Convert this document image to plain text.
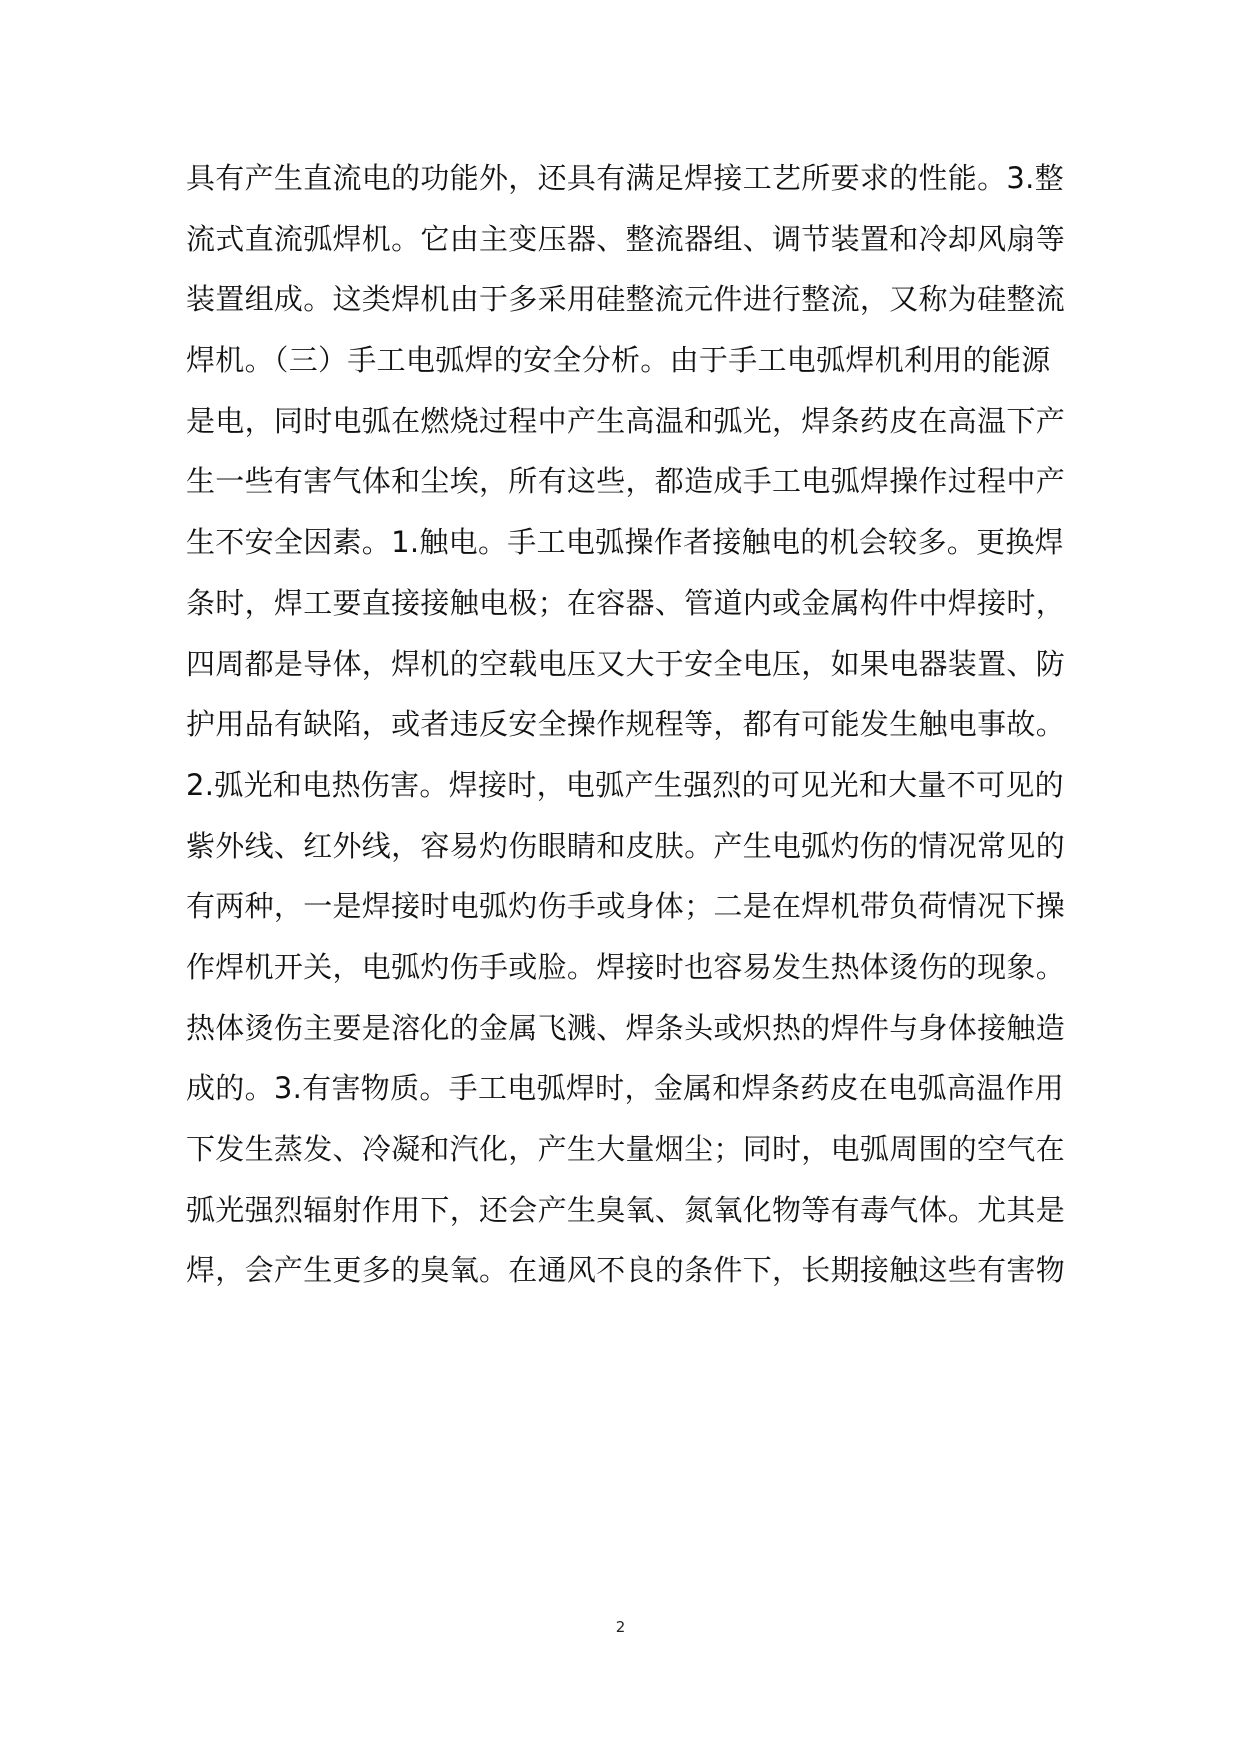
具有产生直流电的功能外，还具有满足焊接工艺所要求的性能。3.整
流式直流弧焊机。它由主变压器、整流器组、调节装置和冷却风扇等
装置组成。这类焊机由于多采用硅整流元件进行整流，又称为硅整流
焊机。（三）手工电弧焊的安全分析。由于手工电弧焊机利用的能源
是电，同时电弧在燃烧过程中产生高温和弧光，焊条药皮在高温下产
生一些有害气体和尘埃，所有这些，都造成手工电弧焊操作过程中产
生不安全因素。1.触电。手工电弧操作者接触电的机会较多。更换焊
条时，焊工要直接接触电极；在容器、管道内或金属构件中焊接时，
四周都是导体，焊机的空载电压又大于安全电压，如果电器装置、防
护用品有缺陷，或者违反安全操作规程等，都有可能发生触电事故。
2.弧光和电热伤害。焊接时，电弧产生强烈的可见光和大量不可见的
紫外线、红外线，容易灼伤眼睛和皮肤。产生电弧灼伤的情况常见的
有两种，一是焊接时电弧灼伤手或身体；二是在焊机带负荷情况下操
作焊机开关，电弧灼伤手或脸。焊接时也容易发生热体烫伤的现象。
热体烫伤主要是溶化的金属飞溅、焊条头或炽热的焊件与身体接触造
成的。3.有害物质。手工电弧焊时，金属和焊条药皮在电弧高温作用
下发生蒸发、冷凝和汽化，产生大量烟尘；同时，电弧周围的空气在
弧光强烈辐射作用下，还会产生臭氧、氮氧化物等有毒气体。尤其是
焊，会产生更多的臭氧。在通风不良的条件下，长期接触这些有害物
2
